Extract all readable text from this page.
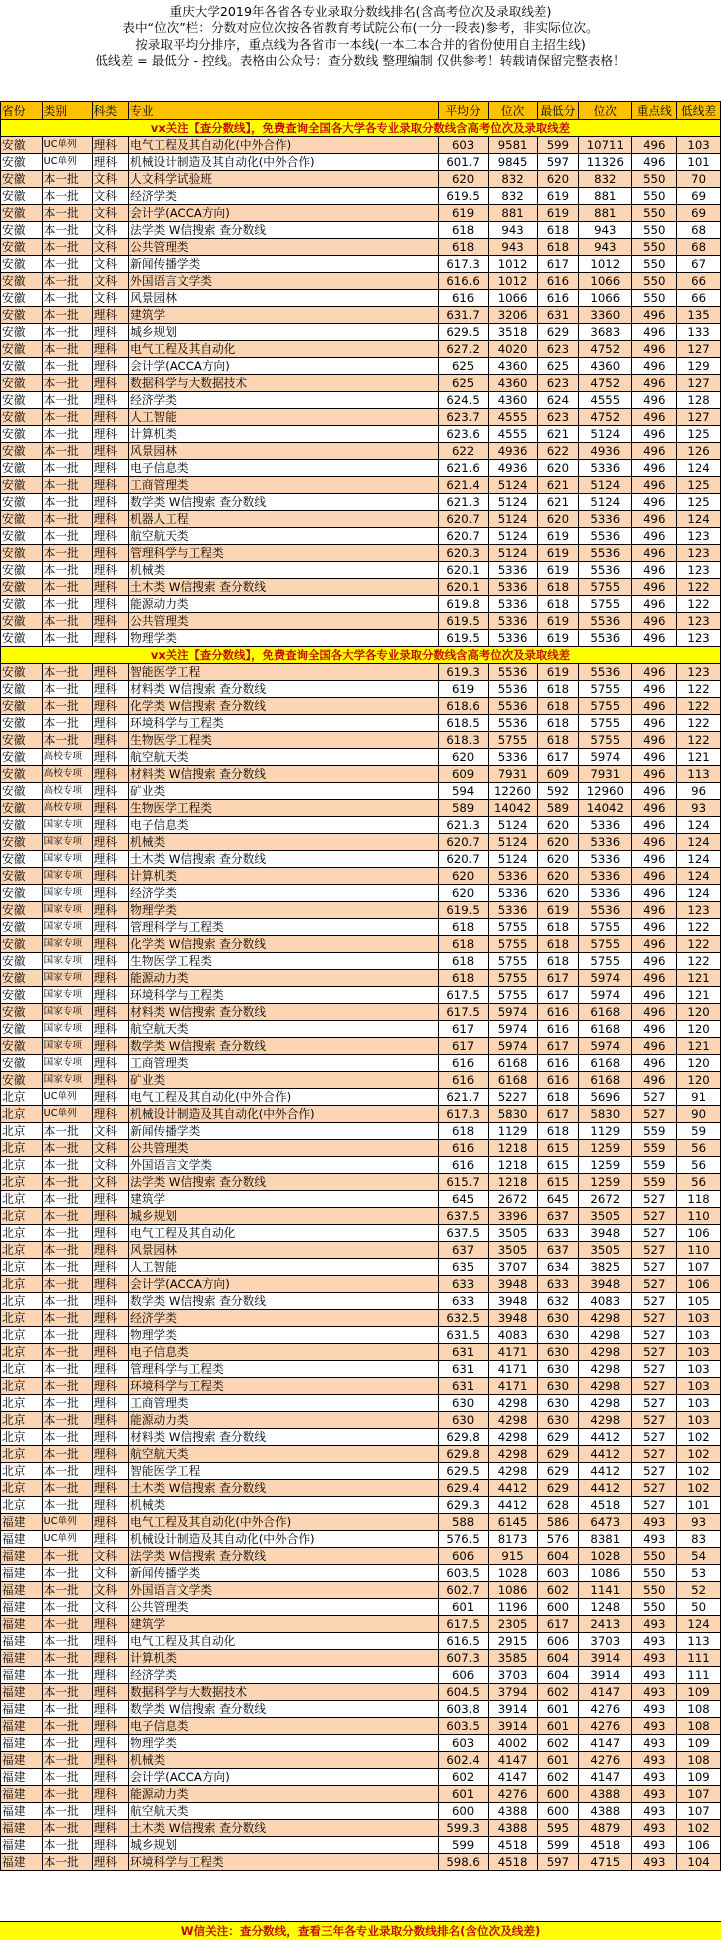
重庆大学2019年各省各专业录取分数线排名(含高考位次及录取线差)
表中“位次”栏：分数对应位次按各省教育考试院公布(一分一段表)参考，非实际位次。
按录取平均分排序，重点线为各省市一本线(一本二本合并的省份使用自主招生线)
低线差 = 最低分 - 控线。表格由公众号：查分数线 整理编制 仅供参考！转载请保留完整表格！
省份	类别	科类	专业	平均分	位次	最低分	位次	重点线	低线差
vx关注【查分数线】，免费查询全国各大学各专业录取分数线含高考位次及录取线差									
安徽	UC单列	理科	电气工程及其自动化(中外合作)	603	9581	599	10711	496	103
安徽	UC单列	理科	机械设计制造及其自动化(中外合作)	601.7	9845	597	11326	496	101
安徽	本一批	文科	人文科学试验班	620	832	620	832	550	70
安徽	本一批	文科	经济学类	619.5	832	619	881	550	69
安徽	本一批	文科	会计学(ACCA方向)	619	881	619	881	550	69
安徽	本一批	文科	法学类 W信搜索 查分数线	618	943	618	943	550	68
安徽	本一批	文科	公共管理类	618	943	618	943	550	68
安徽	本一批	文科	新闻传播学类	617.3	1012	617	1012	550	67
安徽	本一批	文科	外国语言文学类	616.6	1012	616	1066	550	66
安徽	本一批	文科	风景园林	616	1066	616	1066	550	66
安徽	本一批	理科	建筑学	631.7	3206	631	3360	496	135
安徽	本一批	理科	城乡规划	629.5	3518	629	3683	496	133
安徽	本一批	理科	电气工程及其自动化	627.2	4020	623	4752	496	127
安徽	本一批	理科	会计学(ACCA方向)	625	4360	625	4360	496	129
安徽	本一批	理科	数据科学与大数据技术	625	4360	623	4752	496	127
安徽	本一批	理科	经济学类	624.5	4360	624	4555	496	128
安徽	本一批	理科	人工智能	623.7	4555	623	4752	496	127
安徽	本一批	理科	计算机类	623.6	4555	621	5124	496	125
安徽	本一批	理科	风景园林	622	4936	622	4936	496	126
安徽	本一批	理科	电子信息类	621.6	4936	620	5336	496	124
安徽	本一批	理科	工商管理类	621.4	5124	621	5124	496	125
安徽	本一批	理科	数学类 W信搜索 查分数线	621.3	5124	621	5124	496	125
安徽	本一批	理科	机器人工程	620.7	5124	620	5336	496	124
安徽	本一批	理科	航空航天类	620.7	5124	619	5536	496	123
安徽	本一批	理科	管理科学与工程类	620.3	5124	619	5536	496	123
安徽	本一批	理科	机械类	620.1	5336	619	5536	496	123
安徽	本一批	理科	土木类 W信搜索 查分数线	620.1	5336	618	5755	496	122
安徽	本一批	理科	能源动力类	619.8	5336	618	5755	496	122
安徽	本一批	理科	公共管理类	619.5	5336	619	5536	496	123
安徽	本一批	理科	物理学类	619.5	5336	619	5536	496	123
vx关注【查分数线】，免费查询全国各大学各专业录取分数线含高考位次及录取线差									
安徽	本一批	理科	智能医学工程	619.3	5536	619	5536	496	123
安徽	本一批	理科	材料类 W信搜索 查分数线	619	5536	618	5755	496	122
安徽	本一批	理科	化学类 W信搜索 查分数线	618.6	5536	618	5755	496	122
安徽	本一批	理科	环境科学与工程类	618.5	5536	618	5755	496	122
安徽	本一批	理科	生物医学工程类	618.3	5755	618	5755	496	122
安徽	高校专项	理科	航空航天类	620	5336	617	5974	496	121
安徽	高校专项	理科	材料类 W信搜索 查分数线	609	7931	609	7931	496	113
安徽	高校专项	理科	矿业类	594	12260	592	12960	496	96
安徽	高校专项	理科	生物医学工程类	589	14042	589	14042	496	93
安徽	国家专项	理科	电子信息类	621.3	5124	620	5336	496	124
安徽	国家专项	理科	机械类	620.7	5124	620	5336	496	124
安徽	国家专项	理科	土木类 W信搜索 查分数线	620.7	5124	620	5336	496	124
安徽	国家专项	理科	计算机类	620	5336	620	5336	496	124
安徽	国家专项	理科	经济学类	620	5336	620	5336	496	124
安徽	国家专项	理科	物理学类	619.5	5336	619	5536	496	123
安徽	国家专项	理科	管理科学与工程类	618	5755	618	5755	496	122
安徽	国家专项	理科	化学类 W信搜索 查分数线	618	5755	618	5755	496	122
安徽	国家专项	理科	生物医学工程类	618	5755	618	5755	496	122
安徽	国家专项	理科	能源动力类	618	5755	617	5974	496	121
安徽	国家专项	理科	环境科学与工程类	617.5	5755	617	5974	496	121
安徽	国家专项	理科	材料类 W信搜索 查分数线	617.5	5974	616	6168	496	120
安徽	国家专项	理科	航空航天类	617	5974	616	6168	496	120
安徽	国家专项	理科	数学类 W信搜索 查分数线	617	5974	617	5974	496	121
安徽	国家专项	理科	工商管理类	616	6168	616	6168	496	120
安徽	国家专项	理科	矿业类	616	6168	616	6168	496	120
北京	UC单列	理科	电气工程及其自动化(中外合作)	621.7	5227	618	5696	527	91
北京	UC单列	理科	机械设计制造及其自动化(中外合作)	617.3	5830	617	5830	527	90
北京	本一批	文科	新闻传播学类	618	1129	618	1129	559	59
北京	本一批	文科	公共管理类	616	1218	615	1259	559	56
北京	本一批	文科	外国语言文学类	616	1218	615	1259	559	56
北京	本一批	文科	法学类 W信搜索 查分数线	615.7	1218	615	1259	559	56
北京	本一批	理科	建筑学	645	2672	645	2672	527	118
北京	本一批	理科	城乡规划	637.5	3396	637	3505	527	110
北京	本一批	理科	电气工程及其自动化	637.5	3505	633	3948	527	106
北京	本一批	理科	风景园林	637	3505	637	3505	527	110
北京	本一批	理科	人工智能	635	3707	634	3825	527	107
北京	本一批	理科	会计学(ACCA方向)	633	3948	633	3948	527	106
北京	本一批	理科	数学类 W信搜索 查分数线	633	3948	632	4083	527	105
北京	本一批	理科	经济学类	632.5	3948	630	4298	527	103
北京	本一批	理科	物理学类	631.5	4083	630	4298	527	103
北京	本一批	理科	电子信息类	631	4171	630	4298	527	103
北京	本一批	理科	管理科学与工程类	631	4171	630	4298	527	103
北京	本一批	理科	环境科学与工程类	631	4171	630	4298	527	103
北京	本一批	理科	工商管理类	630	4298	630	4298	527	103
北京	本一批	理科	能源动力类	630	4298	630	4298	527	103
北京	本一批	理科	材料类 W信搜索 查分数线	629.8	4298	629	4412	527	102
北京	本一批	理科	航空航天类	629.8	4298	629	4412	527	102
北京	本一批	理科	智能医学工程	629.5	4298	629	4412	527	102
北京	本一批	理科	土木类 W信搜索 查分数线	629.4	4412	629	4412	527	102
北京	本一批	理科	机械类	629.3	4412	628	4518	527	101
福建	UC单列	理科	电气工程及其自动化(中外合作)	588	6145	586	6473	493	93
福建	UC单列	理科	机械设计制造及其自动化(中外合作)	576.5	8173	576	8381	493	83
福建	本一批	文科	法学类 W信搜索 查分数线	606	915	604	1028	550	54
福建	本一批	文科	新闻传播学类	603.5	1028	603	1086	550	53
福建	本一批	文科	外国语言文学类	602.7	1086	602	1141	550	52
福建	本一批	文科	公共管理类	601	1196	600	1248	550	50
福建	本一批	理科	建筑学	617.5	2305	617	2413	493	124
福建	本一批	理科	电气工程及其自动化	616.5	2915	606	3703	493	113
福建	本一批	理科	计算机类	607.3	3585	604	3914	493	111
福建	本一批	理科	经济学类	606	3703	604	3914	493	111
福建	本一批	理科	数据科学与大数据技术	604.5	3794	602	4147	493	109
福建	本一批	理科	数学类 W信搜索 查分数线	603.8	3914	601	4276	493	108
福建	本一批	理科	电子信息类	603.5	3914	601	4276	493	108
福建	本一批	理科	物理学类	603	4002	602	4147	493	109
福建	本一批	理科	机械类	602.4	4147	601	4276	493	108
福建	本一批	理科	会计学(ACCA方向)	602	4147	602	4147	493	109
福建	本一批	理科	能源动力类	601	4276	600	4388	493	107
福建	本一批	理科	航空航天类	600	4388	600	4388	493	107
福建	本一批	理科	土木类 W信搜索 查分数线	599.3	4388	595	4879	493	102
福建	本一批	理科	城乡规划	599	4518	599	4518	493	106
福建	本一批	理科	环境科学与工程类	598.6	4518	597	4715	493	104
W信关注：查分数线，查看三年各专业录取分数线排名(含位次及线差)
查分数线
